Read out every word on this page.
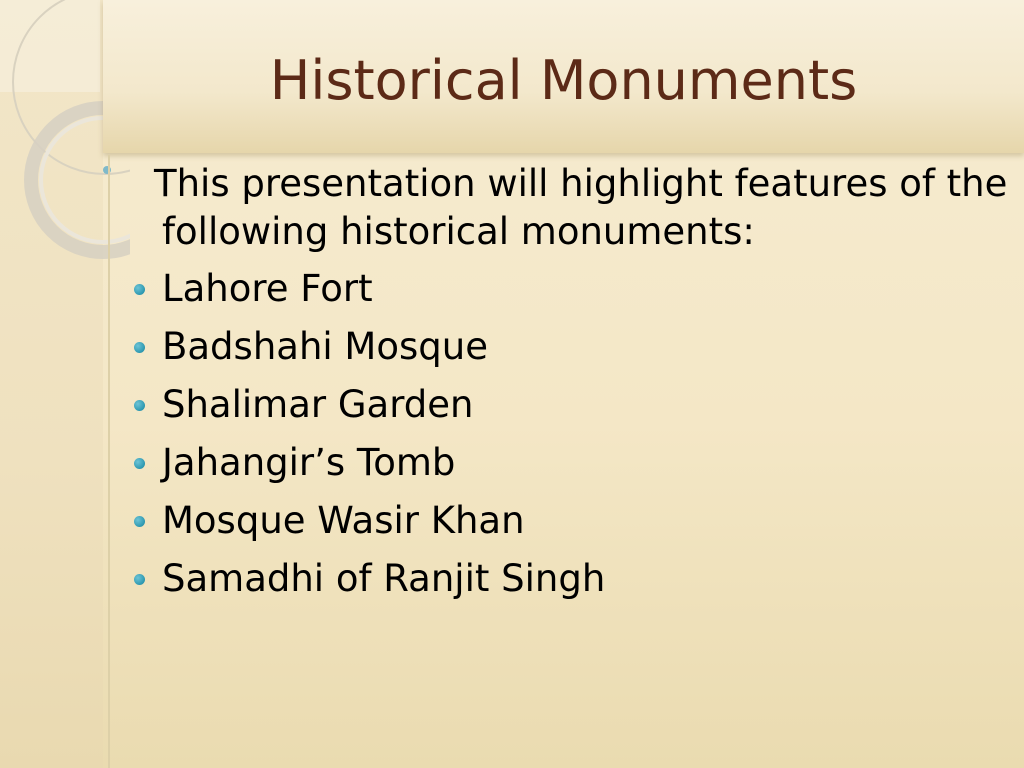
Historical Monuments

This presentation will highlight features of the following historical monuments:

Lahore Fort
Badshahi Mosque
Shalimar Garden
Jahangir’s Tomb
Mosque Wasir Khan
Samadhi of Ranjit Singh
